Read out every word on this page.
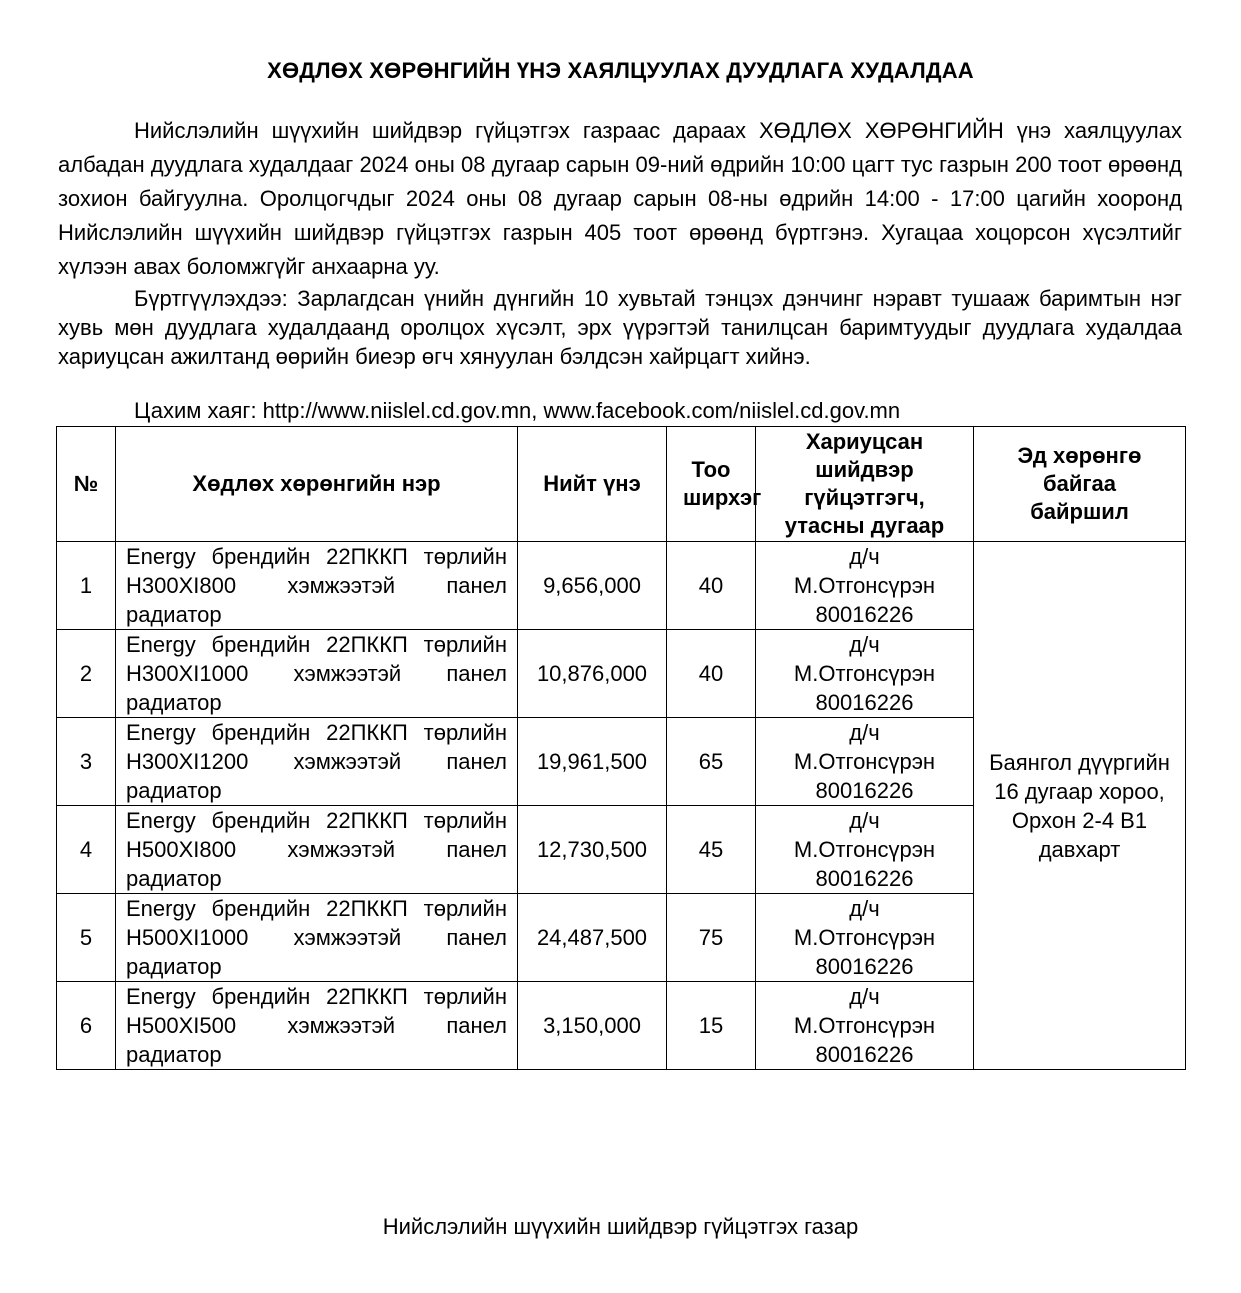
ХӨДЛӨХ ХӨРӨНГИЙН ҮНЭ ХАЯЛЦУУЛАХ ДУУДЛАГА ХУДАЛДАА
Нийслэлийн шүүхийн шийдвэр гүйцэтгэх газраас дараах ХӨДЛӨХ ХӨРӨНГИЙН үнэ хаялцуулах албадан дуудлага худалдааг 2024 оны 08 дугаар сарын 09-ний өдрийн 10:00 цагт тус газрын 200 тоот өрөөнд зохион байгуулна. Оролцогчдыг 2024 оны 08 дугаар сарын 08-ны өдрийн 14:00 - 17:00 цагийн хооронд Нийслэлийн шүүхийн шийдвэр гүйцэтгэх газрын 405 тоот өрөөнд бүртгэнэ. Хугацаа хоцорсон хүсэлтийг хүлээн авах боломжгүйг анхаарна уу.
Бүртгүүлэхдээ: Зарлагдсан үнийн дүнгийн 10 хувьтай тэнцэх дэнчинг нэравт тушааж баримтын нэг хувь мөн дуудлага худалдаанд оролцох хүсэлт, эрх үүрэгтэй танилцсан баримтуудыг дуудлага худалдаа хариуцсан ажилтанд өөрийн биеэр өгч хянуулан бэлдсэн хайрцагт хийнэ.
Цахим хаяг: http://www.niislel.cd.gov.mn, www.facebook.com/niislel.cd.gov.mn
№	Хөдлөх хөрөнгийн нэр	Нийт үнэ	Тоо ширхэг	Хариуцсан шийдвэр гүйцэтгэгч, утасны дугаар	Эд хөрөнгө байгаа байршил
1	Energy брендийн 22ПККП төрлийн H300XI800 хэмжээтэй панел радиатор	9,656,000	40	д/ч М.Отгонсүрэн 80016226	Баянгол дүүргийн 16 дугаар хороо, Орхон 2-4 B1 давхарт
2	Energy брендийн 22ПККП төрлийн H300XI1000 хэмжээтэй панел радиатор	10,876,000	40	д/ч М.Отгонсүрэн 80016226	
3	Energy брендийн 22ПККП төрлийн H300XI1200 хэмжээтэй панел радиатор	19,961,500	65	д/ч М.Отгонсүрэн 80016226	
4	Energy брендийн 22ПККП төрлийн H500XI800 хэмжээтэй панел радиатор	12,730,500	45	д/ч М.Отгонсүрэн 80016226	
5	Energy брендийн 22ПККП төрлийн H500XI1000 хэмжээтэй панел радиатор	24,487,500	75	д/ч М.Отгонсүрэн 80016226	
6	Energy брендийн 22ПККП төрлийн H500XI500 хэмжээтэй панел радиатор	3,150,000	15	д/ч М.Отгонсүрэн 80016226	
Нийслэлийн шүүхийн шийдвэр гүйцэтгэх газар
